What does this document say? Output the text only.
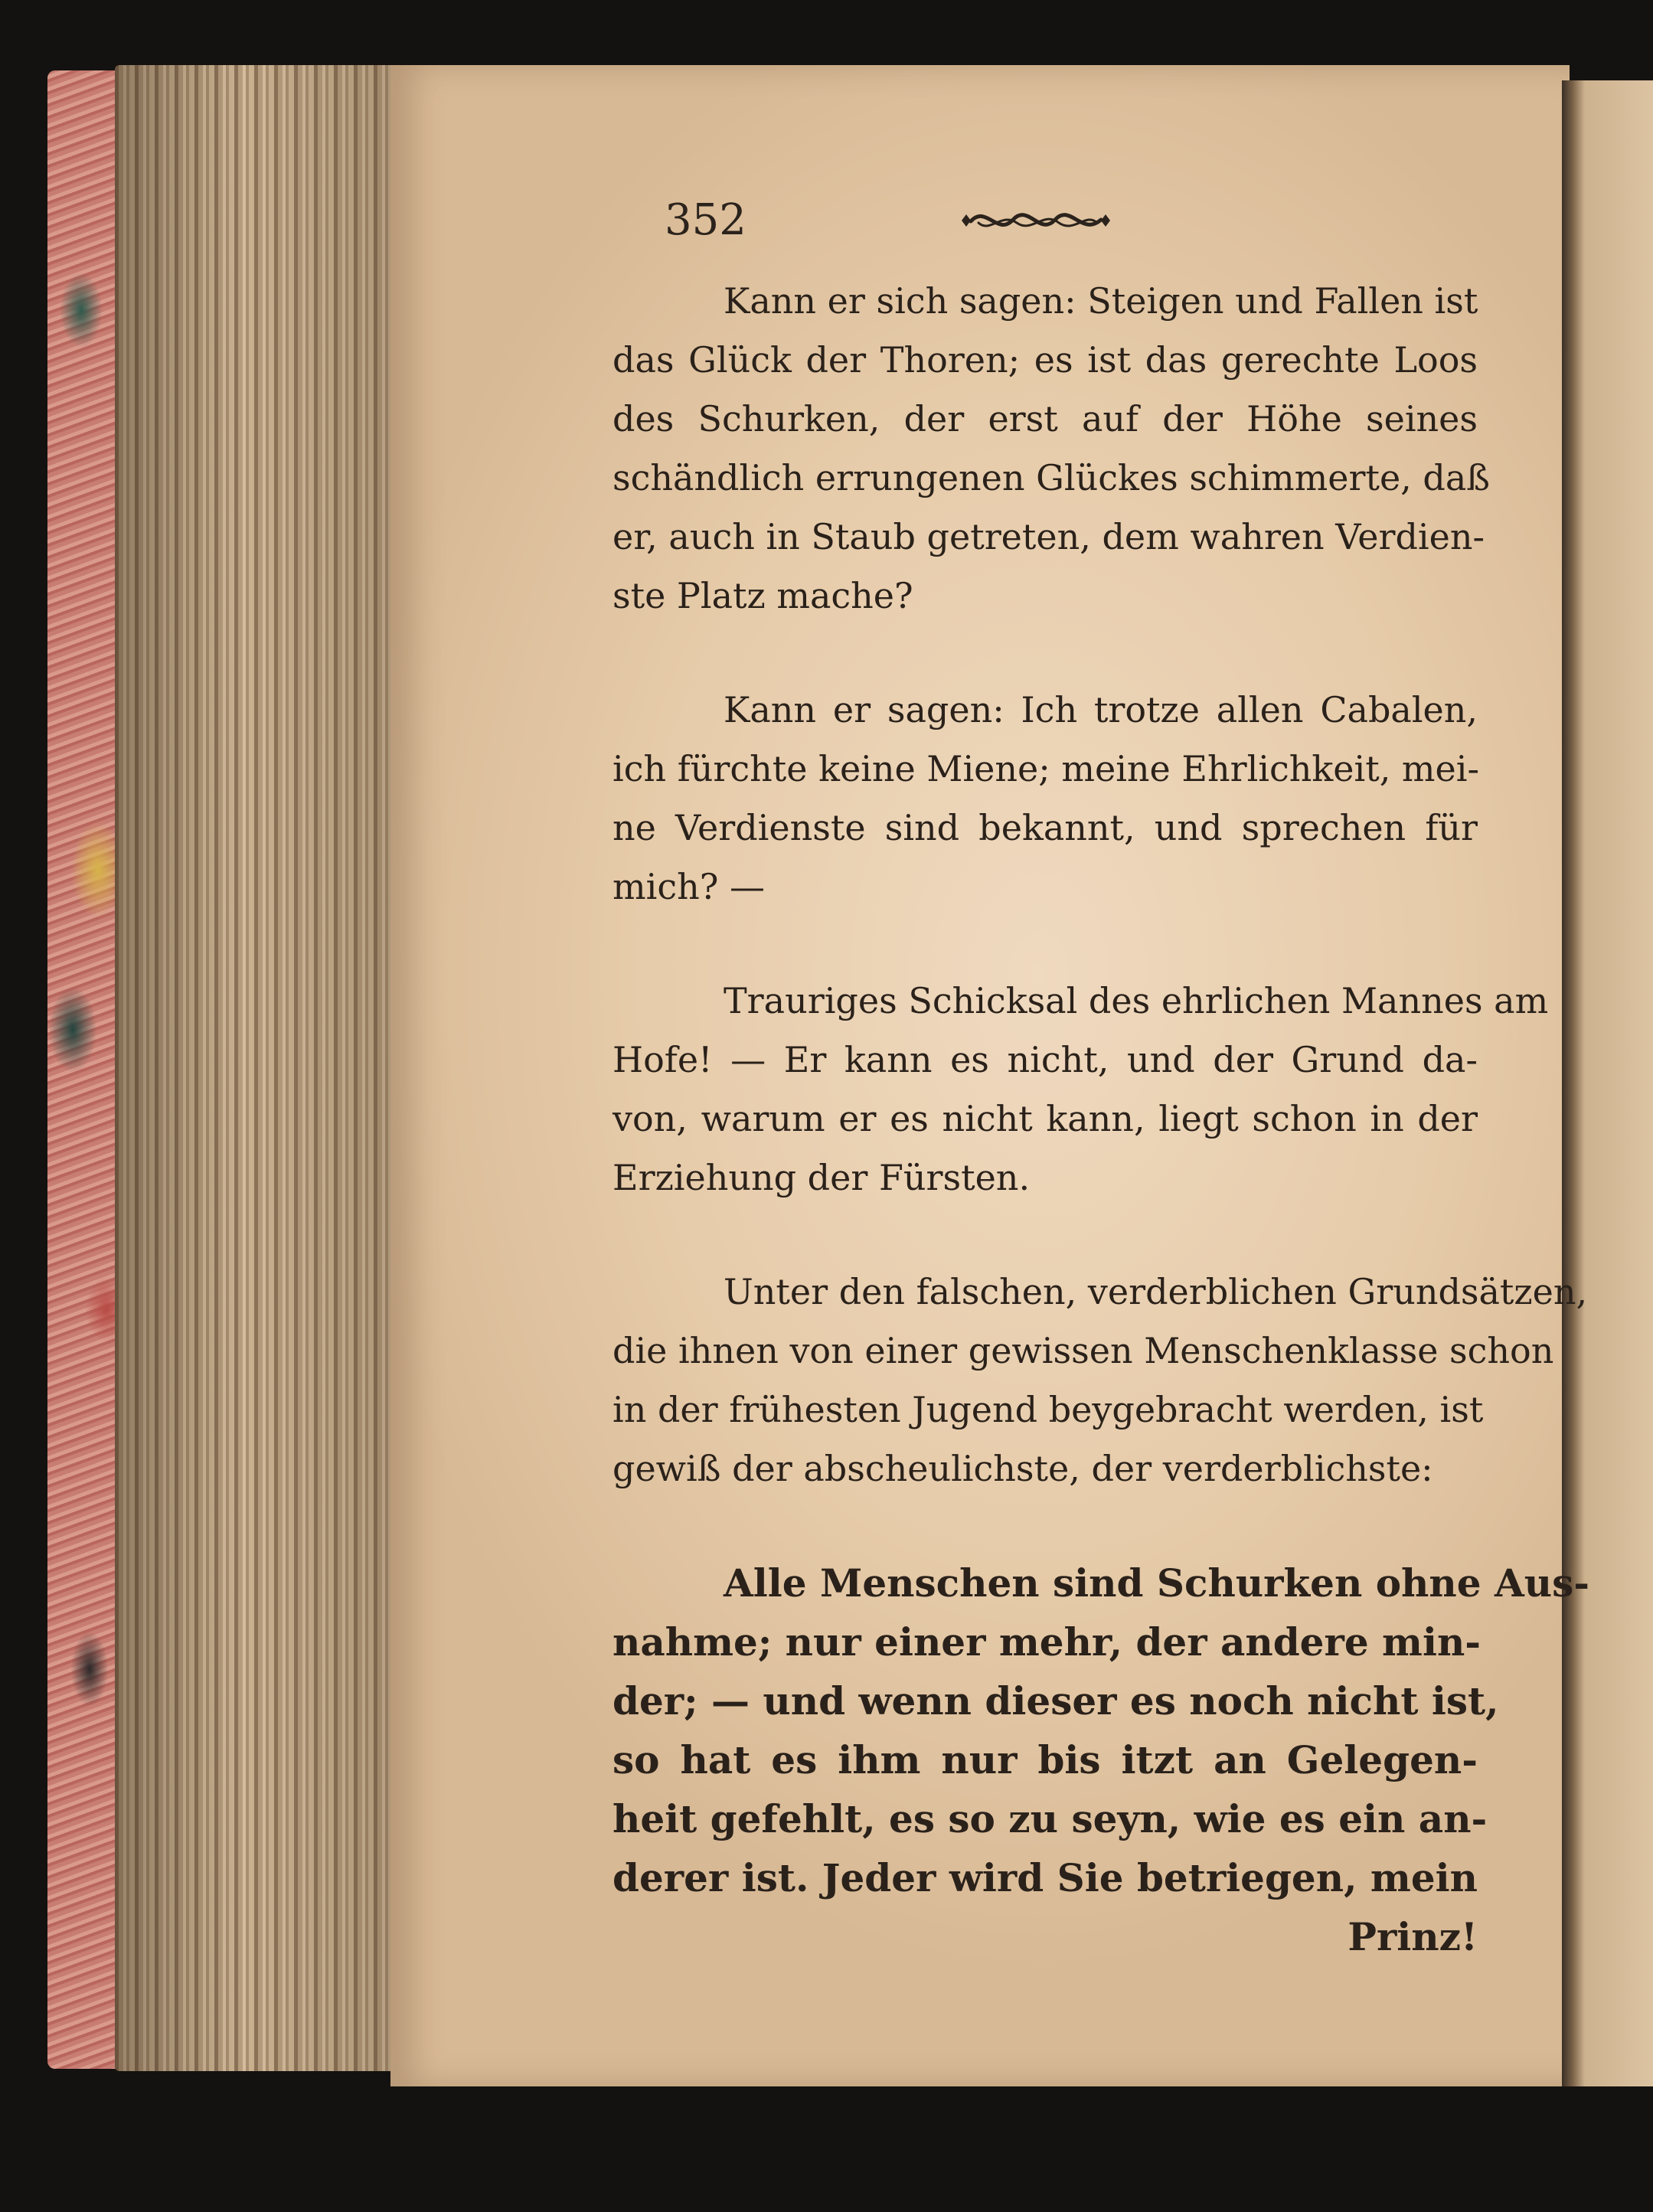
352

Kann er sich sagen: Steigen und Fallen ist
das Glück der Thoren; es ist das gerechte Loos
des Schurken, der erst auf der Höhe seines
schändlich errungenen Glückes schimmerte, daß
er, auch in Staub getreten, dem wahren Verdien-
ste Platz mache?

Kann er sagen: Ich trotze allen Cabalen,
ich fürchte keine Miene; meine Ehrlichkeit, mei-
ne Verdienste sind bekannt, und sprechen für
mich? —

Trauriges Schicksal des ehrlichen Mannes am
Hofe! — Er kann es nicht, und der Grund da-
von, warum er es nicht kann, liegt schon in der
Erziehung der Fürsten.

Unter den falschen, verderblichen Grundsätzen,
die ihnen von einer gewissen Menschenklasse schon
in der frühesten Jugend beygebracht werden, ist
gewiß der abscheulichste, der verderblichste:

Alle Menschen sind Schurken ohne Aus-
nahme; nur einer mehr, der andere min-
der; — und wenn dieser es noch nicht ist,
so hat es ihm nur bis itzt an Gelegen-
heit gefehlt, es so zu seyn, wie es ein an-
derer ist. Jeder wird Sie betriegen, mein
Prinz!
